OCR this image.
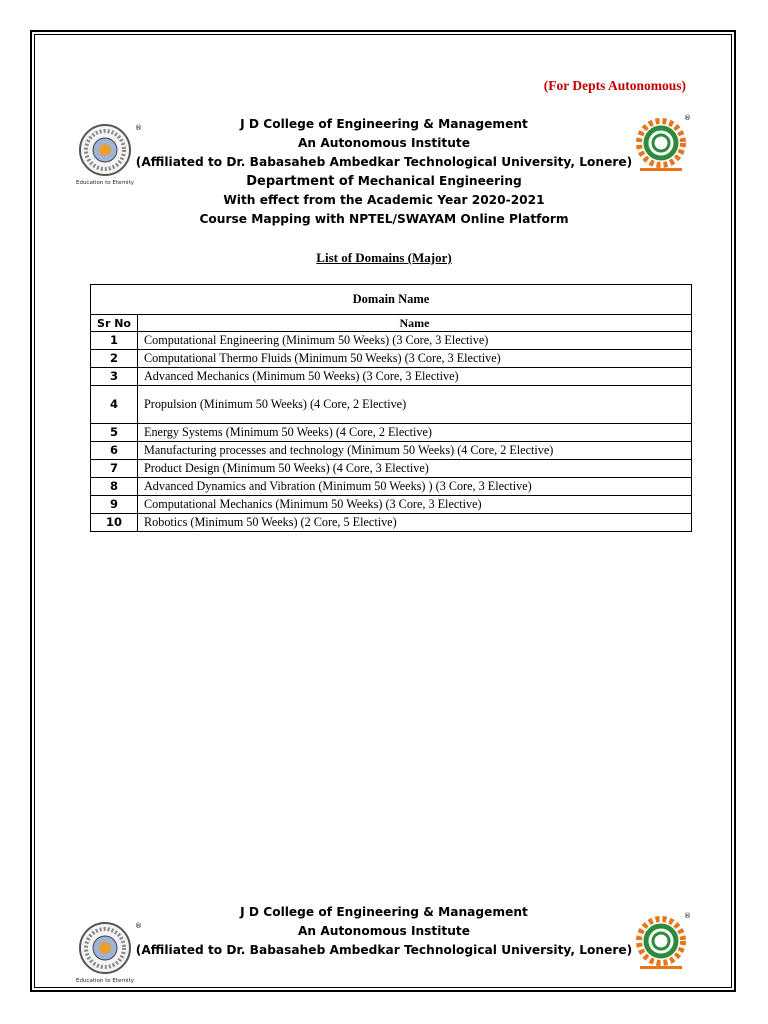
(For Depts Autonomous)
®
Education to Eternity
®
J D College of Engineering & Management
An Autonomous Institute
(Affiliated to Dr. Babasaheb Ambedkar Technological University, Lonere)
Department of Mechanical Engineering
With effect from the Academic Year 2020-2021
Course Mapping with NPTEL/SWAYAM Online Platform
List of Domains (Major)
Domain Name	
Sr No	Name
1	Computational Engineering (Minimum 50 Weeks) (3 Core, 3 Elective)
2	Computational Thermo Fluids (Minimum 50 Weeks) (3 Core, 3 Elective)
3	Advanced Mechanics (Minimum 50 Weeks) (3 Core, 3 Elective)
4	Propulsion (Minimum 50 Weeks) (4 Core, 2 Elective)
5	Energy Systems (Minimum 50 Weeks) (4 Core, 2 Elective)
6	Manufacturing processes and technology (Minimum 50 Weeks) (4 Core, 2 Elective)
7	Product Design (Minimum 50 Weeks) (4 Core, 3 Elective)
8	Advanced Dynamics and Vibration (Minimum 50 Weeks) ) (3 Core, 3 Elective)
9	Computational Mechanics (Minimum 50 Weeks) (3 Core, 3 Elective)
10	Robotics (Minimum 50 Weeks) (2 Core, 5 Elective)
®
Education to Eternity
®
J D College of Engineering & Management
An Autonomous Institute
(Affiliated to Dr. Babasaheb Ambedkar Technological University, Lonere)
